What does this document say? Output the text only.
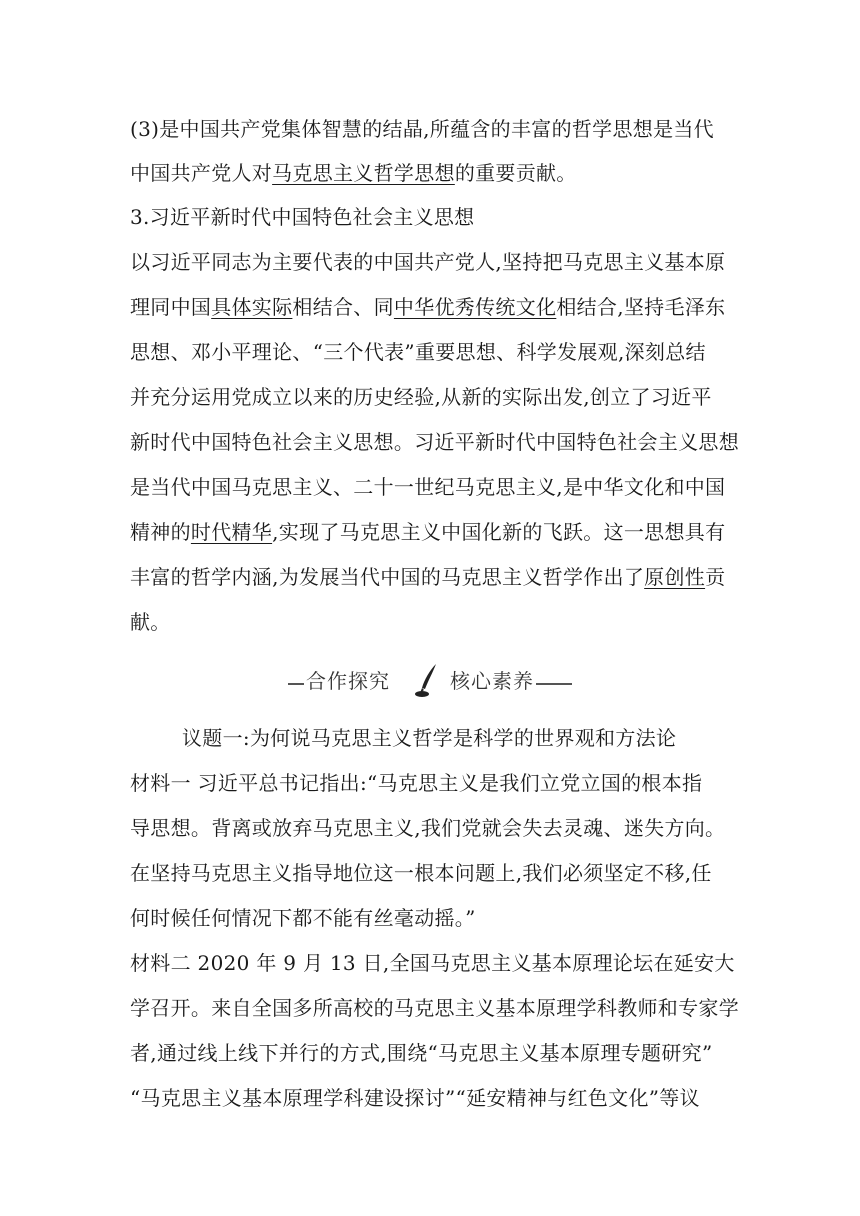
(3)是中国共产党集体智慧的结晶,所蕴含的丰富的哲学思想是当代
中国共产党人对马克思主义哲学思想的重要贡献。
3.习近平新时代中国特色社会主义思想
以习近平同志为主要代表的中国共产党人,坚持把马克思主义基本原
理同中国具体实际相结合、同中华优秀传统文化相结合,坚持毛泽东
思想、邓小平理论、“三个代表”重要思想、科学发展观,深刻总结
并充分运用党成立以来的历史经验,从新的实际出发,创立了习近平
新时代中国特色社会主义思想。习近平新时代中国特色社会主义思想
是当代中国马克思主义、二十一世纪马克思主义,是中华文化和中国
精神的时代精华,实现了马克思主义中国化新的飞跃。这一思想具有
丰富的哲学内涵,为发展当代中国的马克思主义哲学作出了原创性贡
献。
合作探究	核心素养
议题一:为何说马克思主义哲学是科学的世界观和方法论
材料一 习近平总书记指出:“马克思主义是我们立党立国的根本指
导思想。背离或放弃马克思主义,我们党就会失去灵魂、迷失方向。
在坚持马克思主义指导地位这一根本问题上,我们必须坚定不移,任
何时候任何情况下都不能有丝毫动摇。”
材料二 2020 年 9 月 13 日,全国马克思主义基本原理论坛在延安大
学召开。来自全国多所高校的马克思主义基本原理学科教师和专家学
者,通过线上线下并行的方式,围绕“马克思主义基本原理专题研究”
“马克思主义基本原理学科建设探讨”“延安精神与红色文化”等议
